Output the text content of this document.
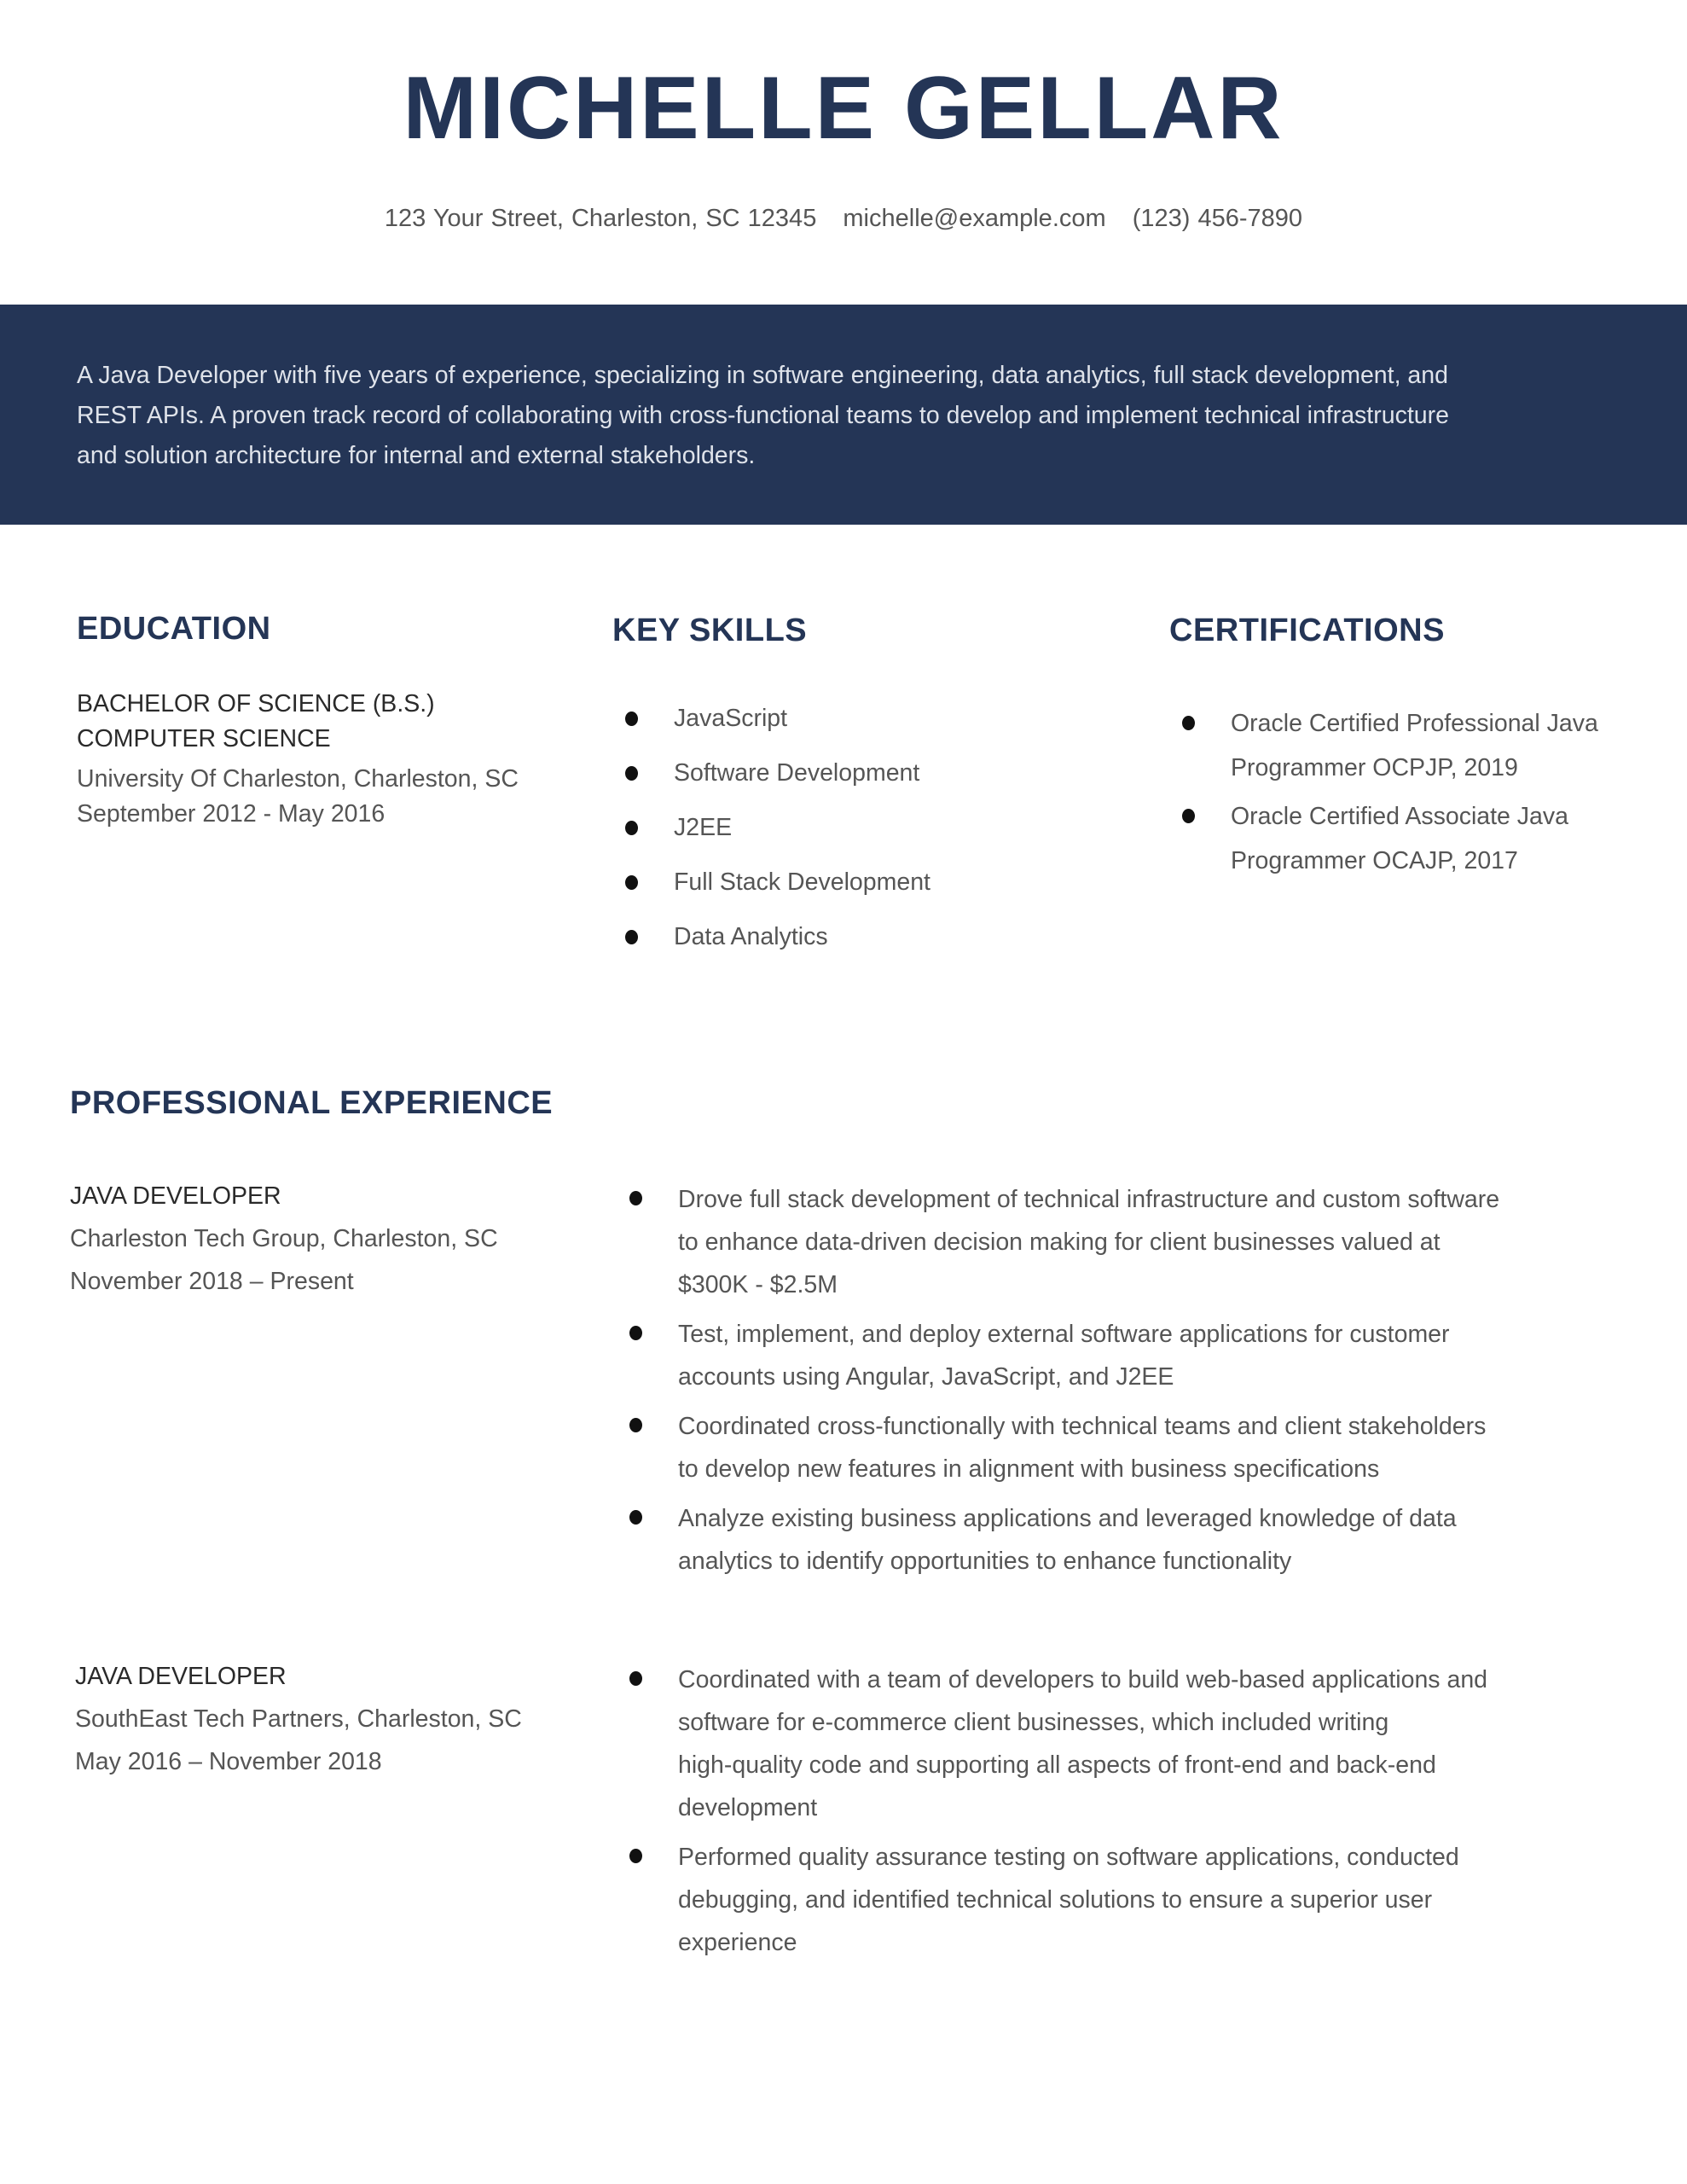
MICHELLE GELLAR
123 Your Street, Charleston, SC 12345 michelle@example.com (123) 456-7890
A Java Developer with five years of experience, specializing in software engineering, data analytics, full stack development, and
REST APIs. A proven track record of collaborating with cross-functional teams to develop and implement technical infrastructure
and solution architecture for internal and external stakeholders.
EDUCATION
BACHELOR OF SCIENCE (B.S.)
COMPUTER SCIENCE
University Of Charleston, Charleston, SC
September 2012 - May 2016
KEY SKILLS
JavaScript
Software Development
J2EE
Full Stack Development
Data Analytics
CERTIFICATIONS
Oracle Certified Professional Java
Programmer OCPJP, 2019
Oracle Certified Associate Java
Programmer OCAJP, 2017
PROFESSIONAL EXPERIENCE
JAVA DEVELOPER
Charleston Tech Group, Charleston, SC
November 2018 – Present
Drove full stack development of technical infrastructure and custom software
to enhance data-driven decision making for client businesses valued at
$300K - $2.5M
Test, implement, and deploy external software applications for customer
accounts using Angular, JavaScript, and J2EE
Coordinated cross-functionally with technical teams and client stakeholders
to develop new features in alignment with business specifications
Analyze existing business applications and leveraged knowledge of data
analytics to identify opportunities to enhance functionality
JAVA DEVELOPER
SouthEast Tech Partners, Charleston, SC
May 2016 – November 2018
Coordinated with a team of developers to build web-based applications and
software for e-commerce client businesses, which included writing
high-quality code and supporting all aspects of front-end and back-end
development
Performed quality assurance testing on software applications, conducted
debugging, and identified technical solutions to ensure a superior user
experience
